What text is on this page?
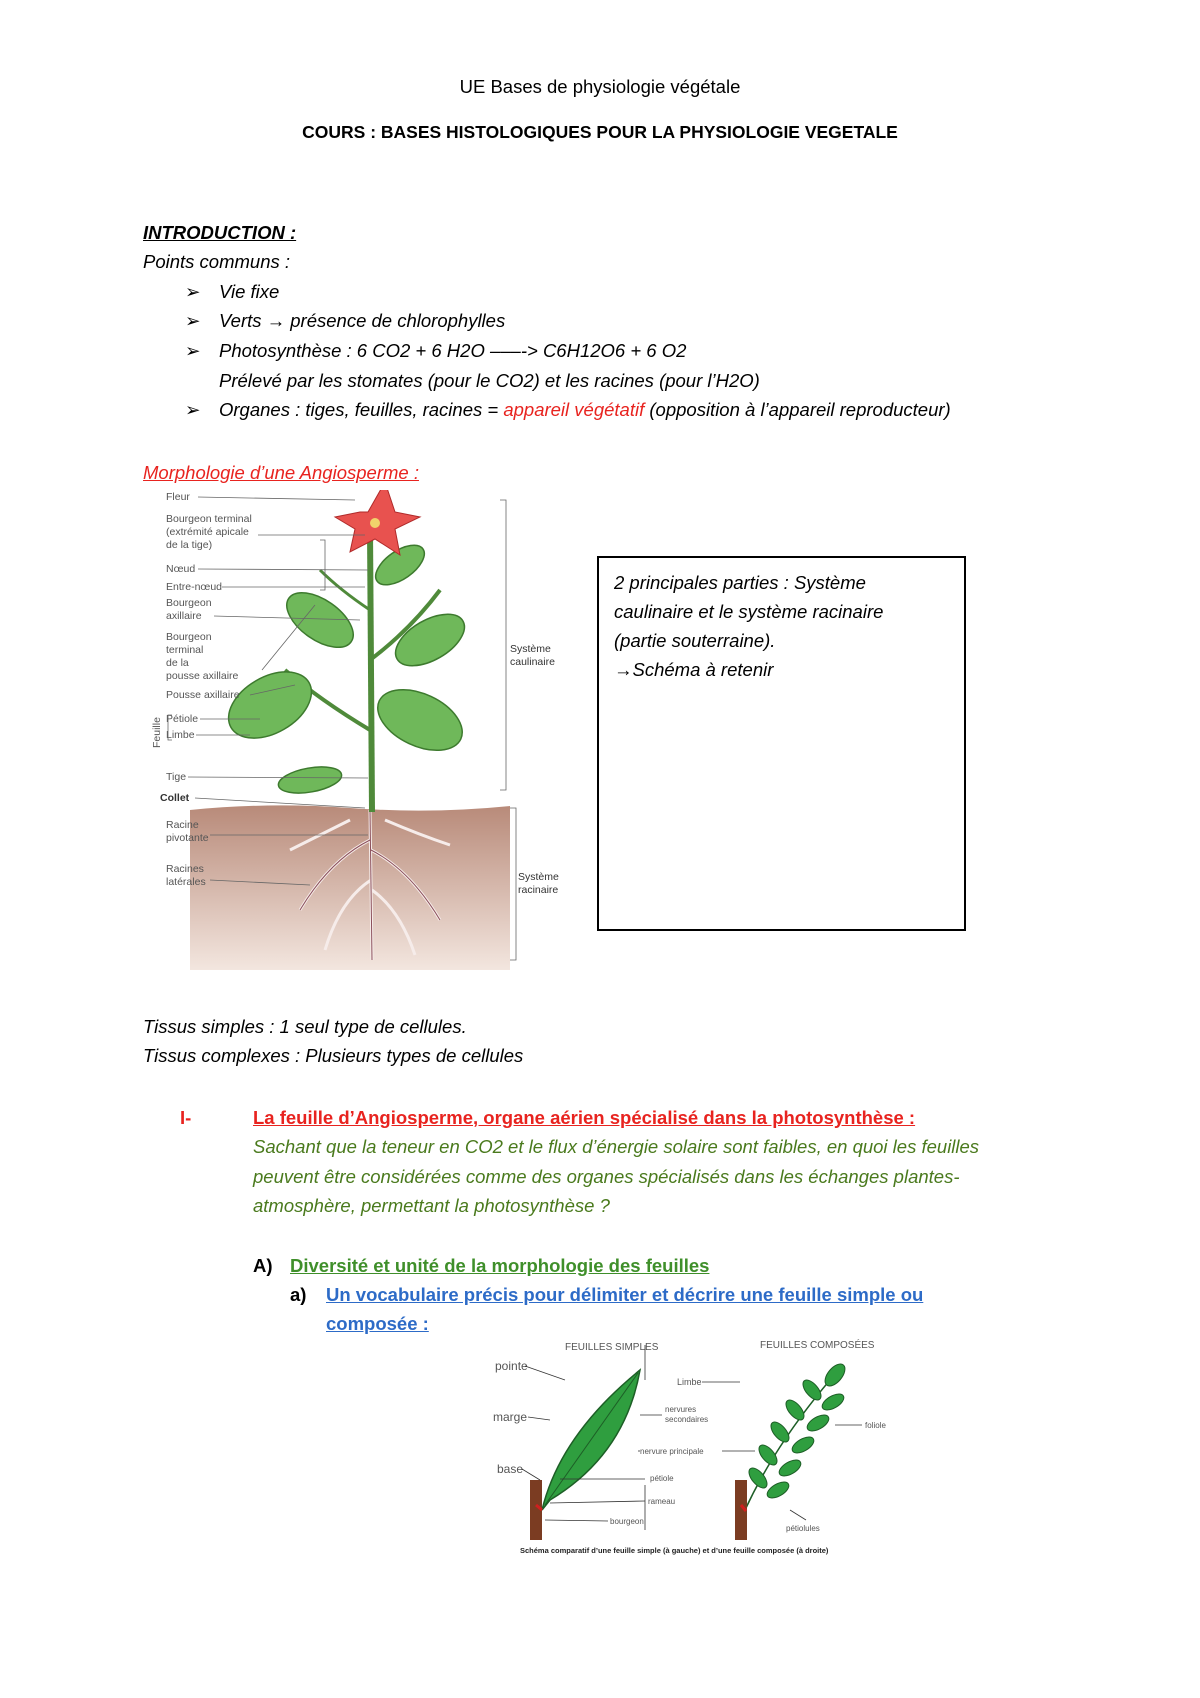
UE Bases de physiologie végétale
COURS : BASES HISTOLOGIQUES POUR LA PHYSIOLOGIE VEGETALE
INTRODUCTION :
Points communs :
➢ Vie fixe
➢ Verts → présence de chlorophylles
➢ Photosynthèse : 6 CO2 + 6 H2O –––-> C6H12O6 + 6 O2
Prélevé par les stomates (pour le CO2) et les racines (pour l’H2O)
➢ Organes : tiges, feuilles, racines = appareil végétatif (opposition à l’appareil reproducteur)
Morphologie d’une Angiosperme :
Fleur
Bourgeon terminal
(extrémité apicale
de la tige)
Nœud
Entre-nœud
Bourgeon
axillaire
Bourgeon
terminal
de la
pousse axillaire
Pousse axillaire
Pétiole
Limbe
Tige
Collet
Racine
pivotante
Racines
latérales
Feuille
Système
caulinaire
Système
racinaire
2 principales parties : Système
caulinaire et le système racinaire
(partie souterraine).
→Schéma à retenir
Tissus simples : 1 seul type de cellules.
Tissus complexes : Plusieurs types de cellules
I-	La feuille d’Angiosperme, organe aérien spécialisé dans la photosynthèse :
Sachant que la teneur en CO2 et le flux d’énergie solaire sont faibles, en quoi les feuilles
peuvent être considérées comme des organes spécialisés dans les échanges plantes-
atmosphère, permettant la photosynthèse ?
A) Diversité et unité de la morphologie des feuilles
a) Un vocabulaire précis pour délimiter et décrire une feuille simple ou
composée :
FEUILLES SIMPLES	FEUILLES COMPOSÉES
pointe
marge
base
Limbe
nervures
secondaires
nervure principale
pétiole
rameau
bourgeon
foliole
pétiolules
Schéma comparatif d’une feuille simple (à gauche) et d’une feuille composée (à droite)
